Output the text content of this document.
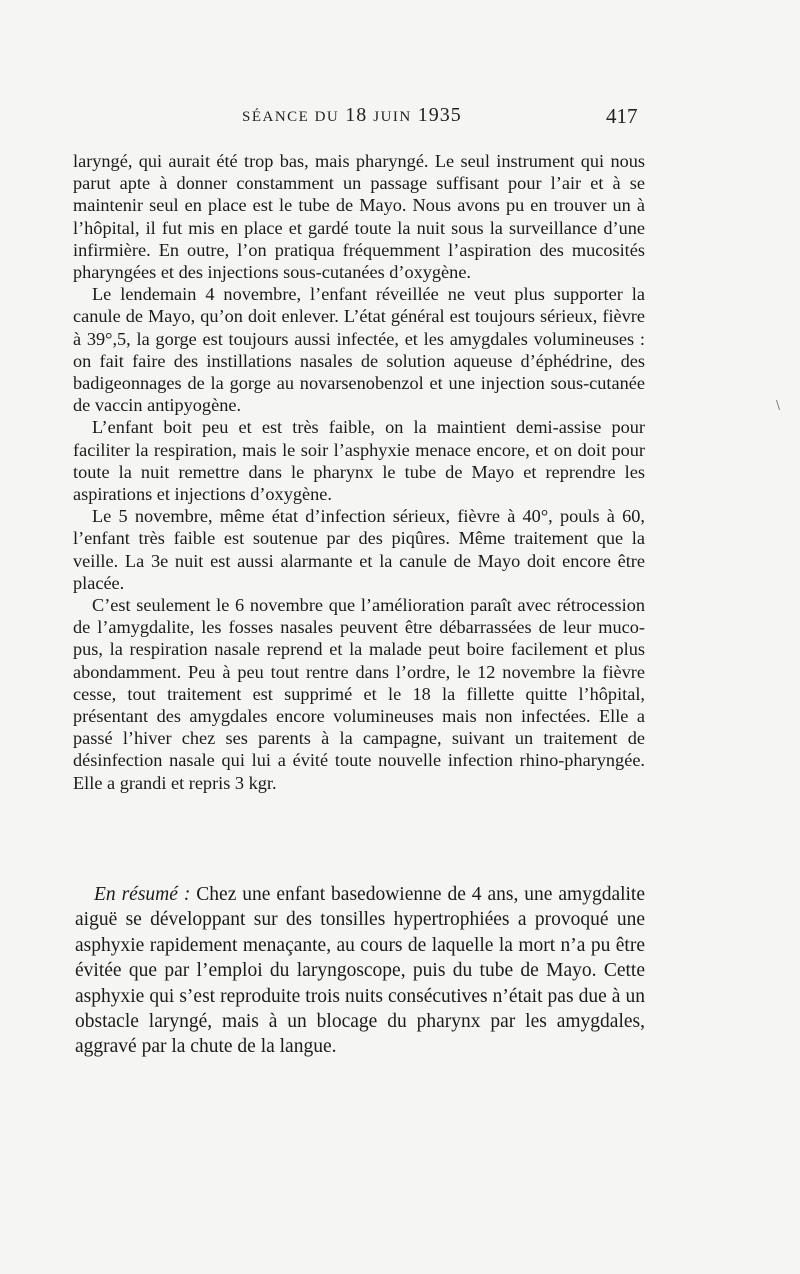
SÉANCE DU 18 JUIN 1935	417

laryngé, qui aurait été trop bas, mais pharyngé. Le seul instrument qui nous parut apte à donner constamment un passage suffisant pour l’air et à se maintenir seul en place est le tube de Mayo. Nous avons pu en trouver un à l’hôpital, il fut mis en place et gardé toute la nuit sous la surveillance d’une infirmière. En outre, l’on pratiqua fréquemment l’aspiration des mucosités pharyngées et des injections sous-cutanées d’oxygène.

Le lendemain 4 novembre, l’enfant réveillée ne veut plus supporter la canule de Mayo, qu’on doit enlever. L’état général est toujours sérieux, fièvre à 39°,5, la gorge est toujours aussi infectée, et les amygdales volumineuses : on fait faire des instillations nasales de solution aqueuse d’éphédrine, des badigeonnages de la gorge au novarsenobenzol et une injection sous-cutanée de vaccin antipyogène.

L’enfant boit peu et est très faible, on la maintient demi-assise pour faciliter la respiration, mais le soir l’asphyxie menace encore, et on doit pour toute la nuit remettre dans le pharynx le tube de Mayo et reprendre les aspirations et injections d’oxygène.

Le 5 novembre, même état d’infection sérieux, fièvre à 40°, pouls à 60, l’enfant très faible est soutenue par des piqûres. Même traitement que la veille. La 3e nuit est aussi alarmante et la canule de Mayo doit encore être placée.

C’est seulement le 6 novembre que l’amélioration paraît avec rétrocession de l’amygdalite, les fosses nasales peuvent être débarrassées de leur muco-pus, la respiration nasale reprend et la malade peut boire facilement et plus abondamment. Peu à peu tout rentre dans l’ordre, le 12 novembre la fièvre cesse, tout traitement est supprimé et le 18 la fillette quitte l’hôpital, présentant des amygdales encore volumineuses mais non infectées. Elle a passé l’hiver chez ses parents à la campagne, suivant un traitement de désinfection nasale qui lui a évité toute nouvelle infection rhino-pharyngée. Elle a grandi et repris 3 kgr.

En résumé : Chez une enfant basedowienne de 4 ans, une amygdalite aiguë se développant sur des tonsilles hypertrophiées a provoqué une asphyxie rapidement menaçante, au cours de laquelle la mort n’a pu être évitée que par l’emploi du laryngoscope, puis du tube de Mayo. Cette asphyxie qui s’est reproduite trois nuits consécutives n’était pas due à un obstacle laryngé, mais à un blocage du pharynx par les amygdales, aggravé par la chute de la langue.
\
